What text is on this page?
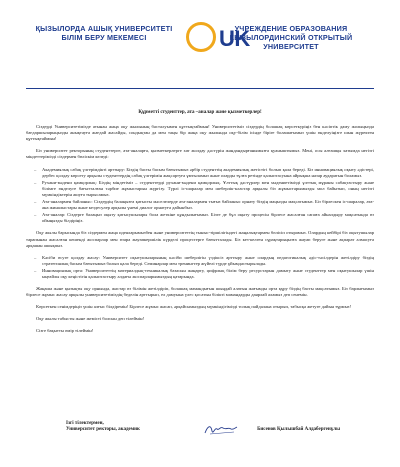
ҚЫЗЫЛОРДА АШЫҚ УНИВЕРСИТЕТІ БІЛІМ БЕРУ МЕКЕМЕСІ	UK
УЧРЕЖДЕНИЕ ОБРАЗОВАНИЯ КЫЗЫЛОРДИНСКИЙ ОТКРЫТЫЙ УНИВЕРСИТЕТ
Құрметті студенттер, ата –аналар және қызметкерлер!

Сіздерді Университетімізде атынан жаңа оқу жылының басталуымен құттықтаймын! Университетіміз сіздердің болашақ көрсеткуріңіз бен кәсіптік даму жолыңызда бағдаршыларыңызды анықтауға жағдай жасайды, сондықтан да мен таңы бір жаңа оқу жылында оқу-білім ісінде біріге болашағымыз үшін өнделуіңізге шын жүректен құттықтаймын!

Біз университет ректорының студенттерге, ата-аналарға, қызметкерлерге хат жолдау дәстүрін жандандырғанымызға қуаныштымыз. Мені, осы алғашқы хатымда негізгі міндеттерімізді сіздермен бөліскім келеді:

– Академиялық сабақ үлгерімдікті арттыру: Біздің басты басым бағытымыз әрбір студенттің академиялық жетістігі болып қала береді. Біз инновациялық оқыту әдістері, дербес қолдау көрсету арқылы студенттердің сабақ үлгерімін жақсартуға ұмтыламыз және оларды тұлға ретінде қалыптасуына айрықша назар аударатын боламыз.
– Рухани-мәдени қамқорлық: Біздің міндетіміз – студенттерді рухани-мәдени қамқорлық. Ұлттық дәстүрлер мен мәдениетімізді ұлттық мұраны сабақтастыру және білімге өнделуге бағытталған тәрбие жұмыстарын жүргізу. Түрлі іс-шаралар мен шеберлік-кластар арқылы біз жұмыстарымызды мол байытып, оның негізгі мүмкіндіктерін ашуға тырысамыз.
– Ата-аналармен байланыс: Сіздердің балаңызға қатысты мәселелерде ата-аналармен тығыз байланыс орнату біздің маңызды мақсатымыз. Біз бірлескен іс-шаралар, ата-ана жиналыстары және кездесулер арқылы үнемі диалог орнатуға дайынбыз.
– Ата-аналар: Сіздерге балаңыз оқыту қатысушылары бола жеткіне құндылығымыз. Бізге де бұл оқыту процесін бірлесе жасалған сапаға айналдыру мақсатында өз ойыңызды білдіріңіз.

Оқу жылы барысында біз сіздермен жаңа идеяларымызбен және университеттің тыныс-тіршілігіндегі жаңалықтармен бөлісіп отырамыз. Олардың кейбірі біз оқытушылар тарапынан жасалған кешенді жоспарлар мен өзара жауапкершілік күрделі процестерге бағытталады. Біз кез-келген сұрақтарыңызға жауап беруге және ақпарат алмасуға әрқашан ашықпыз.

– Кәсіби өсуге қолдау жасау: Университет оқытушыларының кәсіби шеберлігін үздіксіз арттыру және олардың педагогикалық әдіс-тәсілдерін жетілдіру біздің стратегиялық басым бағытымыз болып қала береді. Семинарлар мен тренингтер жүйелі түрде ұйымдастырылады.
– Инновациялық орта: Университеттің материалдық-техникалық базасын жаңарту, цифрлық білім беру ресурстарын дамыту және студенттер мен оқытушылар үшін ыңғайлы оқу кеңістігін қалыптастыру алдағы жоспарларымыздың қатарында.

Жаңаша және қызықты оқу орнында, жастар өз білімін жетілдіріп, болашақ мамандығын шыңдай алатын жағымды орта құру біздің басты мақсатымыз. Біз барлығымыз бірлесе жұмыс жасау арқылы университетіміздің беделін арттырып, ел дамуына үлес қосатын білікті мамандарды даярлай аламыз деп сенемін.

Көрсеткен сенімдеріңіз үшін алғыс білдіремін! Бірлесе жұмыс жасап, әрқайсымыздың мүмкіндігімізді толық пайдалана отырып, табысқа жетуге дайын тұрмыз!

Оқу жылы табысты және жемісті болсын деп тілеймін!

Сізге бақытты өмір тілеймін!

Ізгі тілектермен,
Университет ректоры, академик	Бисенов Қылышбай Алдабергенұлы
